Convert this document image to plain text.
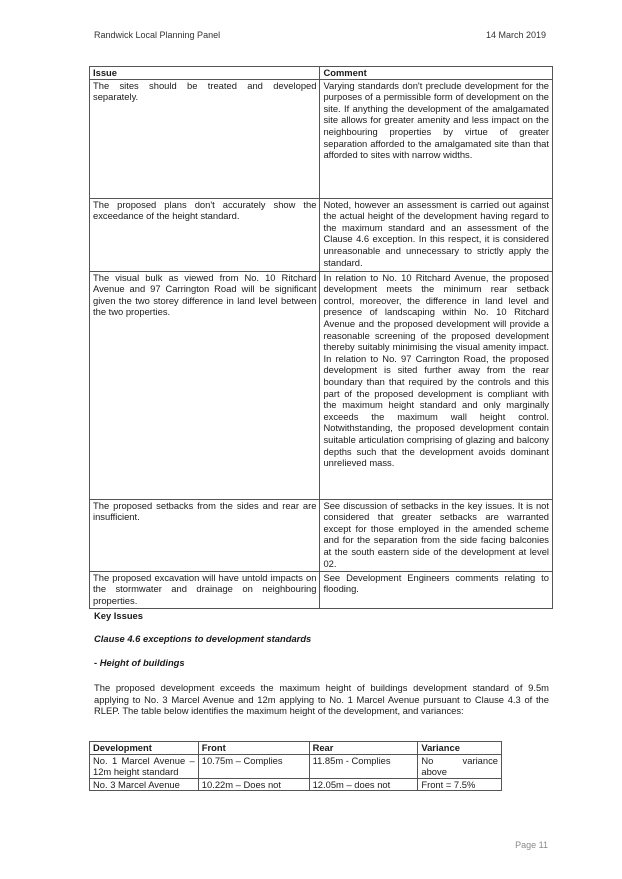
Randwick Local Planning Panel	14 March 2019
Issue	Comment
The sites should be treated and developed separately.	Varying standards don't preclude development for the purposes of a permissible form of development on the site. If anything the development of the amalgamated site allows for greater amenity and less impact on the neighbouring properties by virtue of greater separation afforded to the amalgamated site than that afforded to sites with narrow widths.
The proposed plans don't accurately show the exceedance of the height standard.	Noted, however an assessment is carried out against the actual height of the development having regard to the maximum standard and an assessment of the Clause 4.6 exception. In this respect, it is considered unreasonable and unnecessary to strictly apply the standard.
The visual bulk as viewed from No. 10 Ritchard Avenue and 97 Carrington Road will be significant given the two storey difference in land level between the two properties.	In relation to No. 10 Ritchard Avenue, the proposed development meets the minimum rear setback control, moreover, the difference in land level and presence of landscaping within No. 10 Ritchard Avenue and the proposed development will provide a reasonable screening of the proposed development thereby suitably minimising the visual amenity impact. In relation to No. 97 Carrington Road, the proposed development is sited further away from the rear boundary than that required by the controls and this part of the proposed development is compliant with the maximum height standard and only marginally exceeds the maximum wall height control. Notwithstanding, the proposed development contain suitable articulation comprising of glazing and balcony depths such that the development avoids dominant unrelieved mass.
The proposed setbacks from the sides and rear are insufficient.	See discussion of setbacks in the key issues. It is not considered that greater setbacks are warranted except for those employed in the amended scheme and for the separation from the side facing balconies at the south eastern side of the development at level 02.
The proposed excavation will have untold impacts on the stormwater and drainage on neighbouring properties.	See Development Engineers comments relating to flooding.
Key Issues
Clause 4.6 exceptions to development standards
- Height of buildings
The proposed development exceeds the maximum height of buildings development standard of 9.5m applying to No. 3 Marcel Avenue and 12m applying to No. 1 Marcel Avenue pursuant to Clause 4.3 of the RLEP. The table below identifies the maximum height of the development, and variances:
Development	Front	Rear	Variance
No. 1 Marcel Avenue – 12m height standard	10.75m – Complies	11.85m - Complies	No variance above
No. 3 Marcel Avenue	10.22m – Does not	12.05m – does not	Front = 7.5%
Page 11
